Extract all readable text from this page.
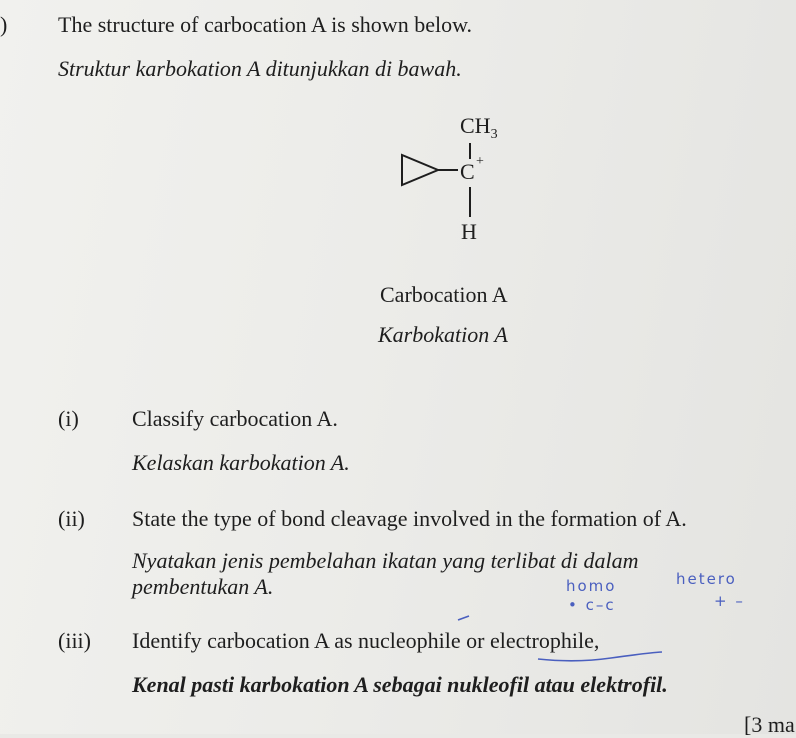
) The structure of carbocation A is shown below.
Struktur karbokation A ditunjukkan di bawah.
$CH_3$
C +
H
Carbocation A
Karbokation A
(i) Classify carbocation A.
Kelaskan karbokation A.
(ii) State the type of bond cleavage involved in the formation of A.
Nyatakan jenis pembelahan ikatan yang terlibat di dalam
pembentukan A.	homo	hetero
• c–c	+ –
(iii) Identify carbocation A as nucleophile or electrophile,
Kenal pasti karbokation A sebagai nukleofil atau elektrofil.
[3 ma
